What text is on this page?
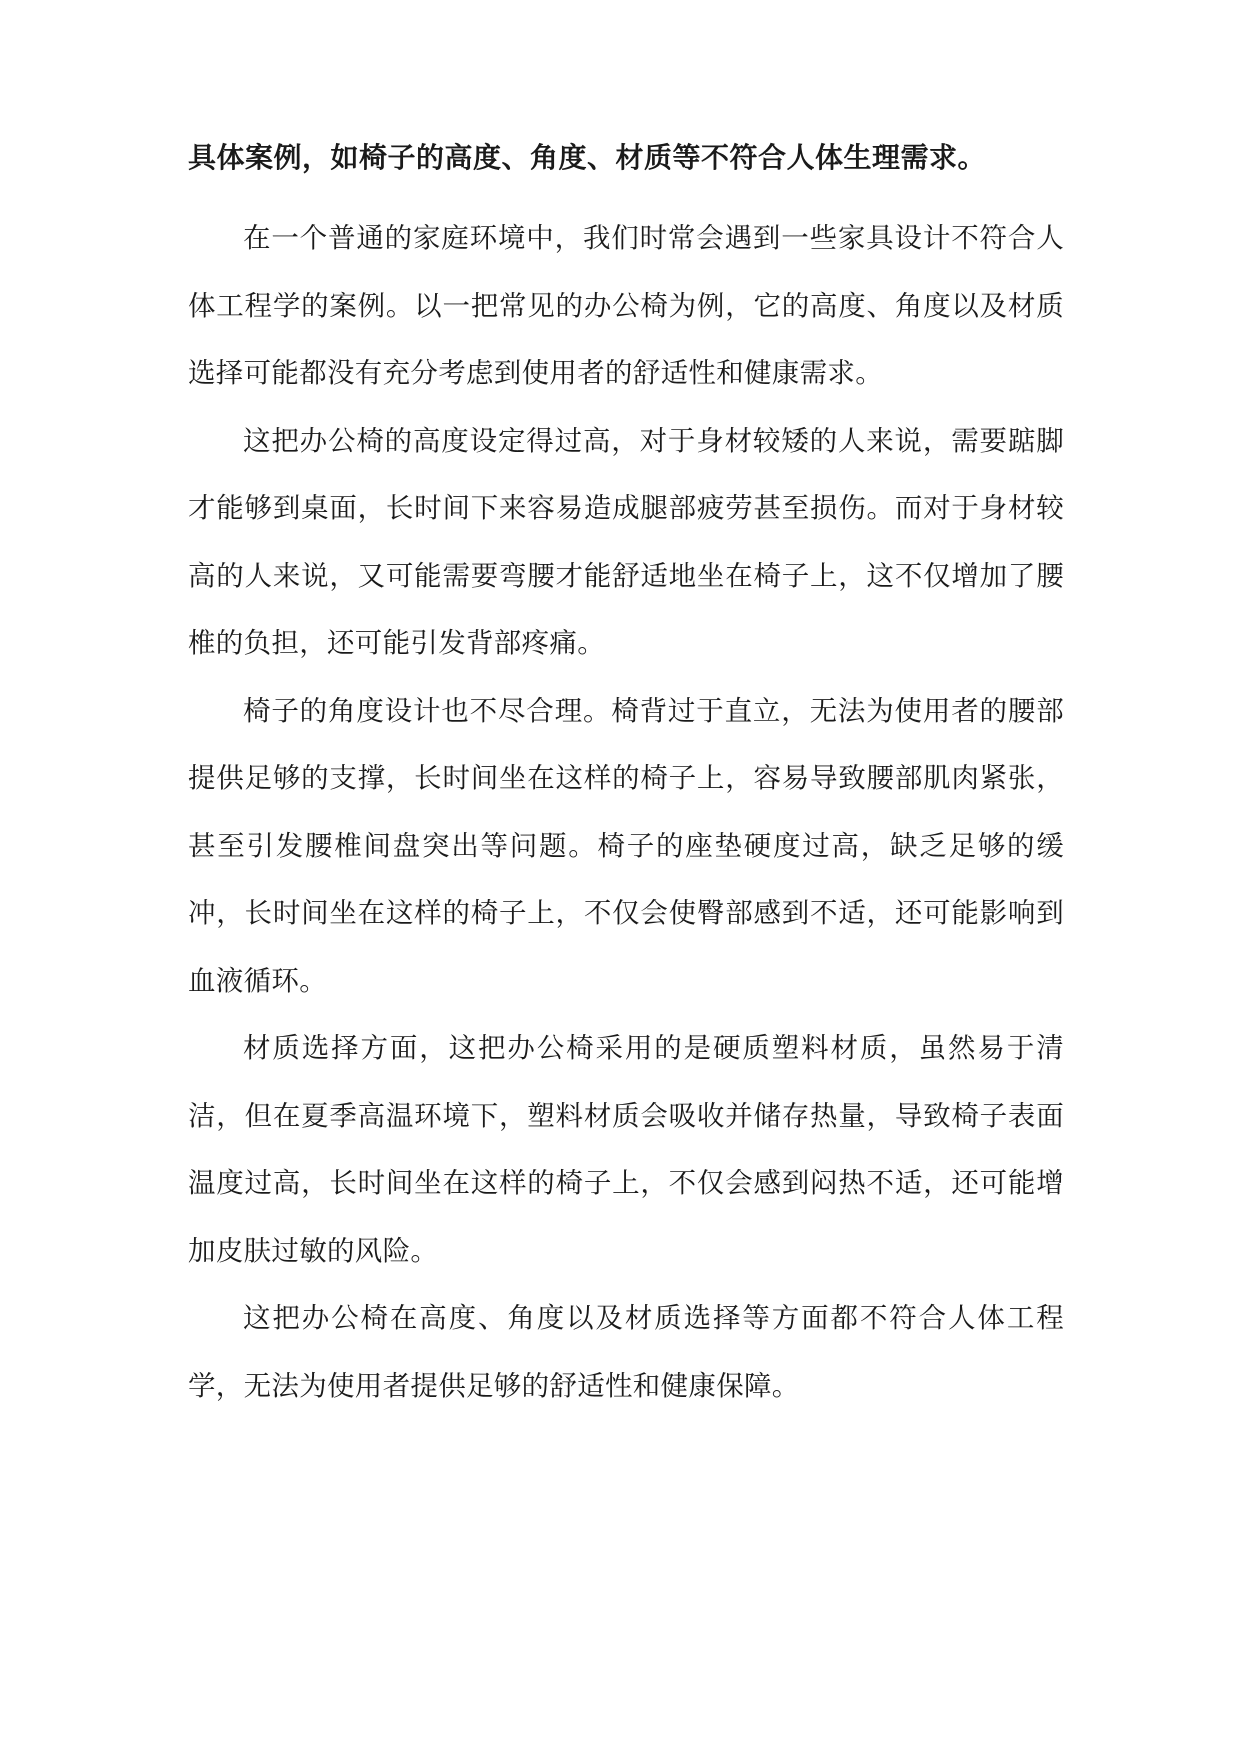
具体案例，如椅子的高度、角度、材质等不符合人体生理需求。

在一个普通的家庭环境中，我们时常会遇到一些家具设计不符合人体工程学的案例。以一把常见的办公椅为例，它的高度、角度以及材质选择可能都没有充分考虑到使用者的舒适性和健康需求。

这把办公椅的高度设定得过高，对于身材较矮的人来说，需要踮脚才能够到桌面，长时间下来容易造成腿部疲劳甚至损伤。而对于身材较高的人来说，又可能需要弯腰才能舒适地坐在椅子上，这不仅增加了腰椎的负担，还可能引发背部疼痛。

椅子的角度设计也不尽合理。椅背过于直立，无法为使用者的腰部提供足够的支撑，长时间坐在这样的椅子上，容易导致腰部肌肉紧张，甚至引发腰椎间盘突出等问题。椅子的座垫硬度过高，缺乏足够的缓冲，长时间坐在这样的椅子上，不仅会使臀部感到不适，还可能影响到血液循环。

材质选择方面，这把办公椅采用的是硬质塑料材质，虽然易于清洁，但在夏季高温环境下，塑料材质会吸收并储存热量，导致椅子表面温度过高，长时间坐在这样的椅子上，不仅会感到闷热不适，还可能增加皮肤过敏的风险。

这把办公椅在高度、角度以及材质选择等方面都不符合人体工程学，无法为使用者提供足够的舒适性和健康保障。
